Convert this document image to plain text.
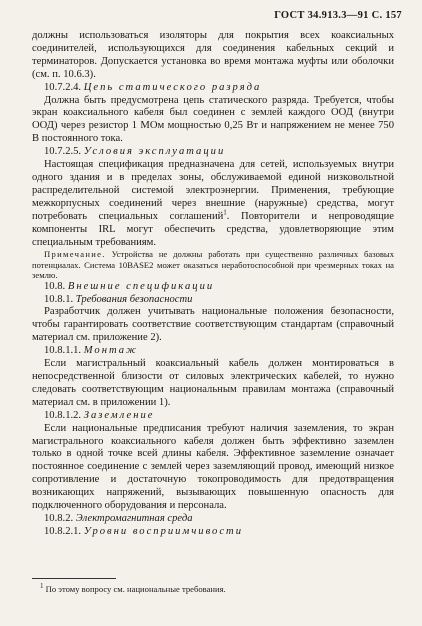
ГОСТ 34.913.3—91 С. 157

должны использоваться изоляторы для покрытия всех коаксиальных соединителей, использующихся для соединения кабельных секций и терминаторов. Допускается установка во время монтажа муфты или оболочки (см. п. 10.6.3).

10.7.2.4. Цепь статического разряда

Должна быть предусмотрена цепь статического разряда. Требуется, чтобы экран коаксиального кабеля был соединен с землей каждого ООД (внутри ООД) через резистор 1 МОм мощностью 0,25 Вт и напряжением не менее 750 В постоянного тока.

10.7.2.5. Условия эксплуатации

Настоящая спецификация предназначена для сетей, используемых внутри одного здания и в пределах зоны, обслуживаемой единой низковольтной распределительной системой электроэнергии. Применения, требующие межкорпусных соединений через внешние (наружные) средства, могут потребовать специальных соглашений$^1$. Повторители и непроводящие компоненты IRL могут обеспечить средства, удовлетворяющие этим специальным требованиям.

Примечание. Устройства не должны работать при существенно различных базовых потенциалах. Система 10BASE2 может оказаться неработоспособной при чрезмерных токах на землю.

10.8. Внешние спецификации

10.8.1. Требования безопасности

Разработчик должен учитывать национальные положения безопасности, чтобы гарантировать соответствие соответствующим стандартам (справочный материал см. приложение 2).

10.8.1.1. Монтаж

Если магистральный коаксиальный кабель должен монтироваться в непосредственной близости от силовых электрических кабелей, то нужно следовать соответствующим национальным правилам монтажа (справочный материал см. в приложении 1).

10.8.1.2. Заземление

Если национальные предписания требуют наличия заземления, то экран магистрального коаксиального кабеля должен быть эффективно заземлен только в одной точке всей длины кабеля. Эффективное заземление означает постоянное соединение с землей через заземляющий провод, имеющий низкое сопротивление и достаточную токопроводимость для предотвращения возникающих напряжений, вызывающих повышенную опасность для подключенного оборудования и персонала.

10.8.2. Электромагнитная среда

10.8.2.1. Уровни восприимчивости

$^1$ По этому вопросу см. национальные требования.
